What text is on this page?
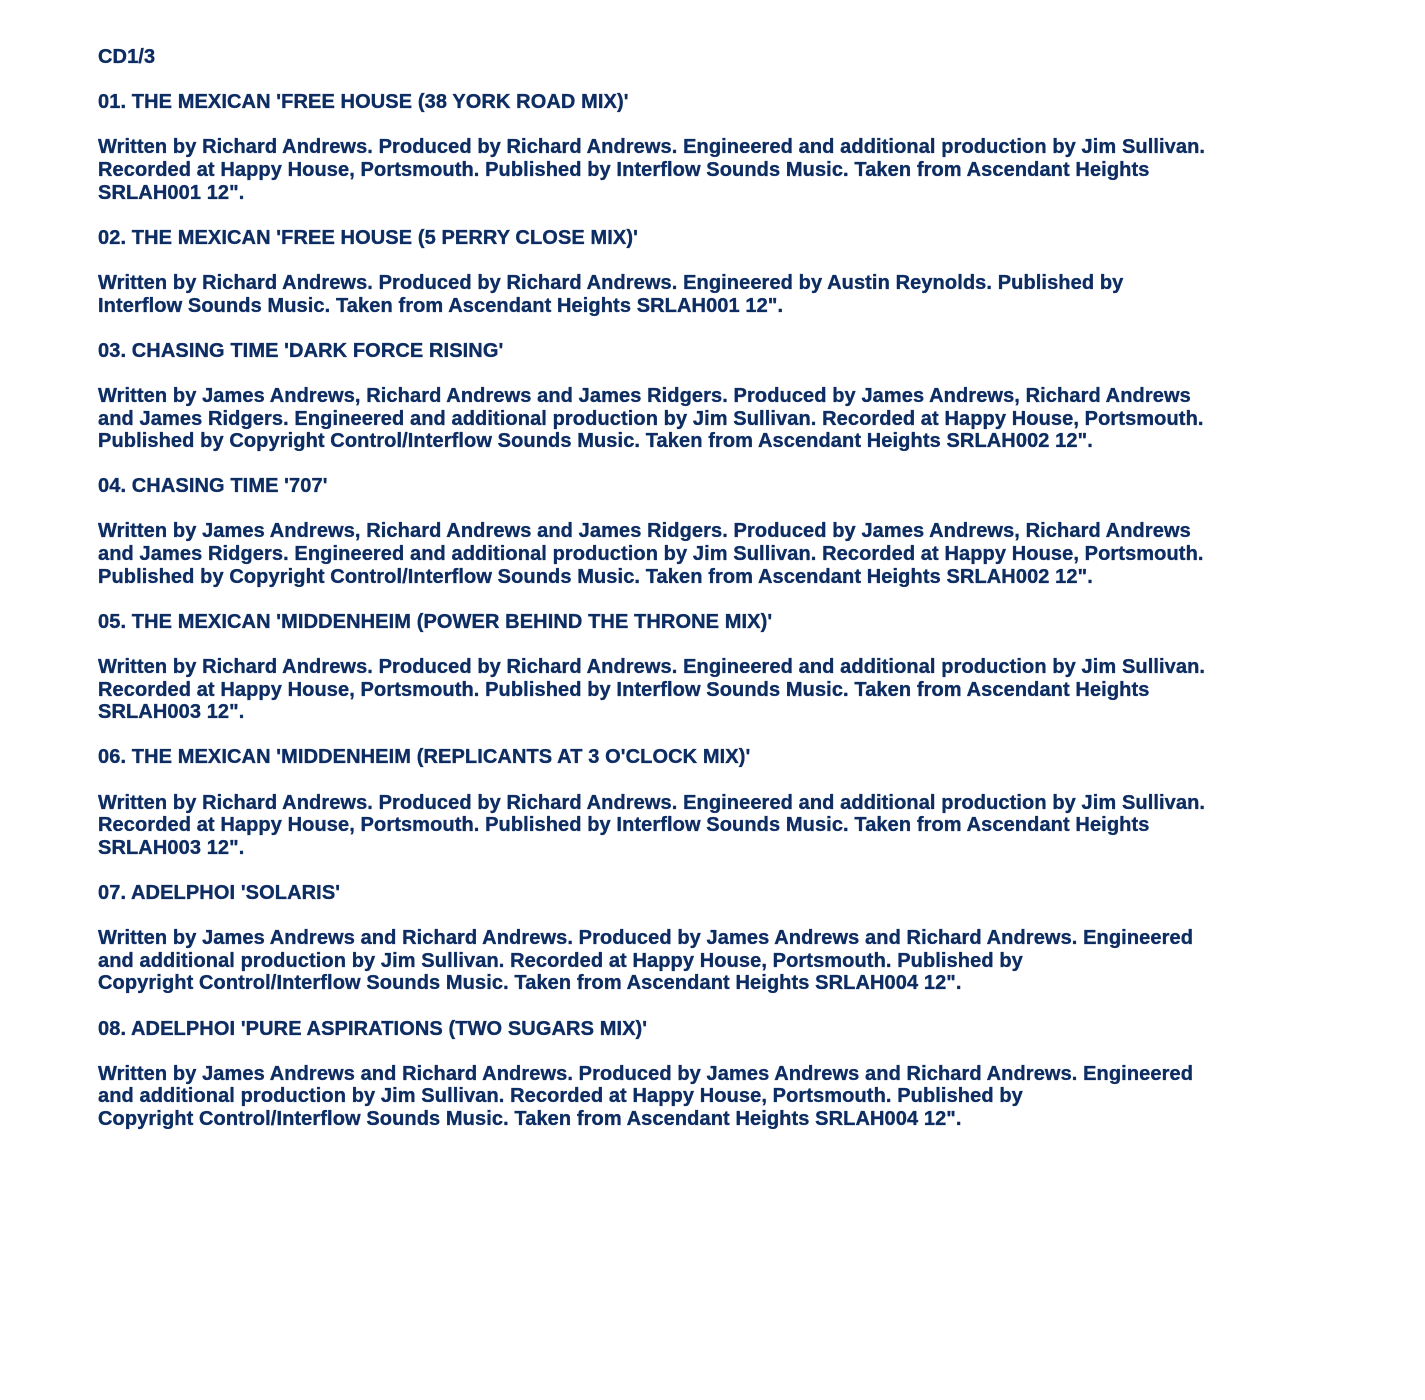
CD1/3
01. THE MEXICAN 'FREE HOUSE (38 YORK ROAD MIX)'
Written by Richard Andrews. Produced by Richard Andrews. Engineered and additional production by Jim Sullivan.
Recorded at Happy House, Portsmouth. Published by Interflow Sounds Music. Taken from Ascendant Heights
SRLAH001 12".
02. THE MEXICAN 'FREE HOUSE (5 PERRY CLOSE MIX)'
Written by Richard Andrews. Produced by Richard Andrews. Engineered by Austin Reynolds. Published by
Interflow Sounds Music. Taken from Ascendant Heights SRLAH001 12".
03. CHASING TIME 'DARK FORCE RISING'
Written by James Andrews, Richard Andrews and James Ridgers. Produced by James Andrews, Richard Andrews
and James Ridgers. Engineered and additional production by Jim Sullivan. Recorded at Happy House, Portsmouth.
Published by Copyright Control/Interflow Sounds Music. Taken from Ascendant Heights SRLAH002 12".
04. CHASING TIME '707'
Written by James Andrews, Richard Andrews and James Ridgers. Produced by James Andrews, Richard Andrews
and James Ridgers. Engineered and additional production by Jim Sullivan. Recorded at Happy House, Portsmouth.
Published by Copyright Control/Interflow Sounds Music. Taken from Ascendant Heights SRLAH002 12".
05. THE MEXICAN 'MIDDENHEIM (POWER BEHIND THE THRONE MIX)'
Written by Richard Andrews. Produced by Richard Andrews. Engineered and additional production by Jim Sullivan.
Recorded at Happy House, Portsmouth. Published by Interflow Sounds Music. Taken from Ascendant Heights
SRLAH003 12".
06. THE MEXICAN 'MIDDENHEIM (REPLICANTS AT 3 O'CLOCK MIX)'
Written by Richard Andrews. Produced by Richard Andrews. Engineered and additional production by Jim Sullivan.
Recorded at Happy House, Portsmouth. Published by Interflow Sounds Music. Taken from Ascendant Heights
SRLAH003 12".
07. ADELPHOI 'SOLARIS'
Written by James Andrews and Richard Andrews. Produced by James Andrews and Richard Andrews. Engineered
and additional production by Jim Sullivan. Recorded at Happy House, Portsmouth. Published by
Copyright Control/Interflow Sounds Music. Taken from Ascendant Heights SRLAH004 12".
08. ADELPHOI 'PURE ASPIRATIONS (TWO SUGARS MIX)'
Written by James Andrews and Richard Andrews. Produced by James Andrews and Richard Andrews. Engineered
and additional production by Jim Sullivan. Recorded at Happy House, Portsmouth. Published by
Copyright Control/Interflow Sounds Music. Taken from Ascendant Heights SRLAH004 12".
